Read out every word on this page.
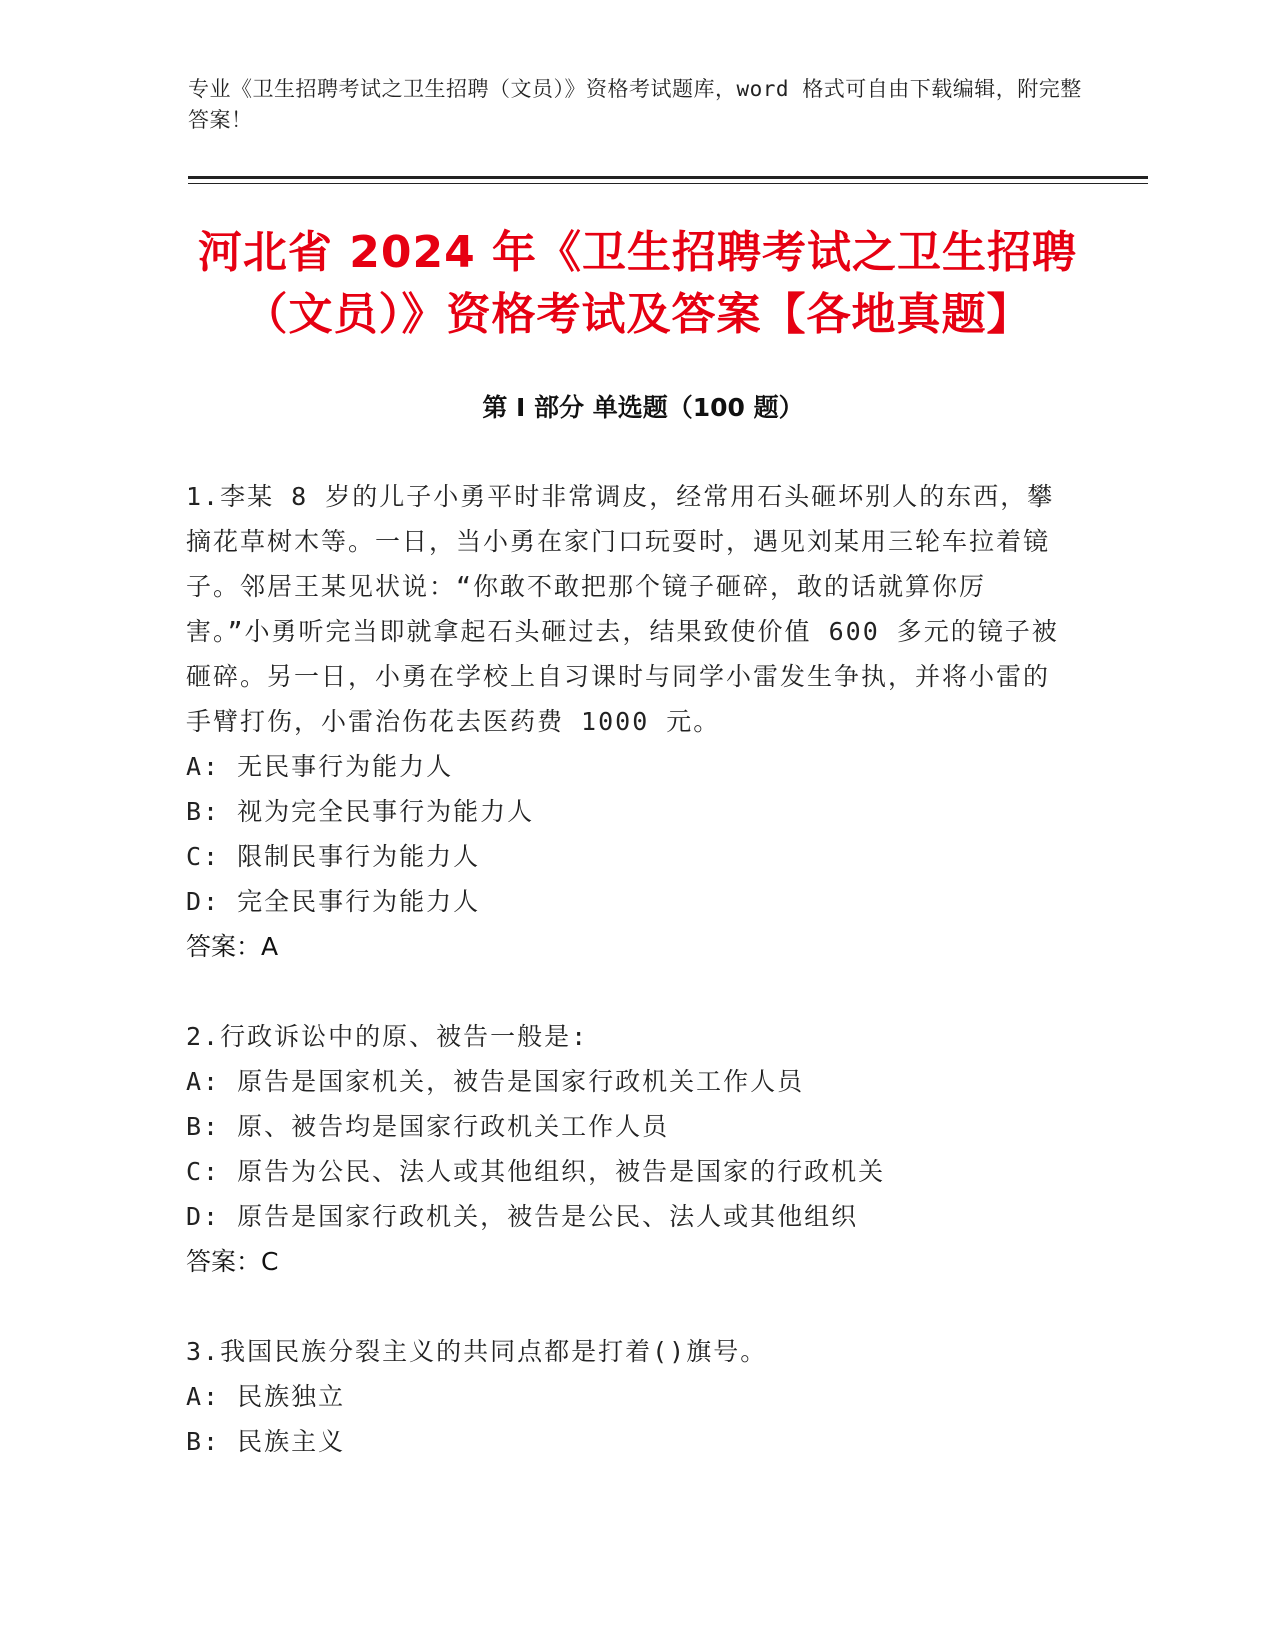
专业《卫生招聘考试之卫生招聘（文员）》资格考试题库，word 格式可自由下载编辑，附完整答案！
河北省 2024 年《卫生招聘考试之卫生招聘（文员）》资格考试及答案【各地真题】
第 I 部分 单选题（100 题）
1.李某 8 岁的儿子小勇平时非常调皮，经常用石头砸坏别人的东西，攀摘花草树木等。一日，当小勇在家门口玩耍时，遇见刘某用三轮车拉着镜子。邻居王某见状说：“你敢不敢把那个镜子砸碎，敢的话就算你厉害。”小勇听完当即就拿起石头砸过去，结果致使价值 600 多元的镜子被砸碎。另一日，小勇在学校上自习课时与同学小雷发生争执，并将小雷的手臂打伤，小雷治伤花去医药费 1000 元。
A: 无民事行为能力人
B: 视为完全民事行为能力人
C: 限制民事行为能力人
D: 完全民事行为能力人
答案：A
2.行政诉讼中的原、被告一般是:
A: 原告是国家机关，被告是国家行政机关工作人员
B: 原、被告均是国家行政机关工作人员
C: 原告为公民、法人或其他组织，被告是国家的行政机关
D: 原告是国家行政机关，被告是公民、法人或其他组织
答案：C
3.我国民族分裂主义的共同点都是打着()旗号。
A: 民族独立
B: 民族主义
